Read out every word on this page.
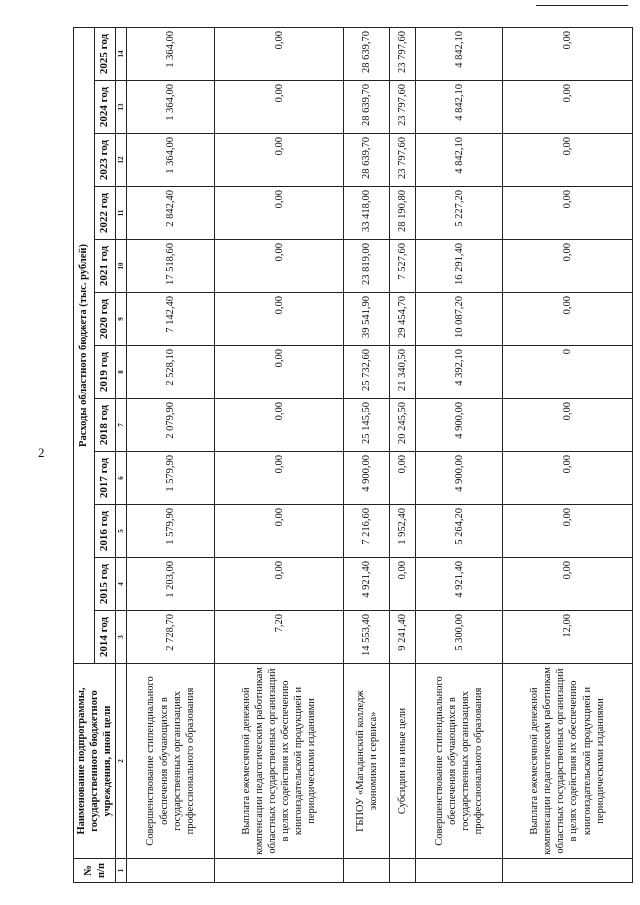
2
№ п/п	Наименование подпрограммы, государственного бюджетного учреждения, иной цели	Расходы областного бюджета (тыс. рублей)											
		2014 год	2015 год	2016 год	2017 год	2018 год	2019 год	2020 год	2021 год	2022 год	2023 год	2024 год	2025 год
1	2	3	4	5	6	7	8	9	10	11	12	13	14
	Совершенствование стипендиального обеспечения обучающихся в государственных организациях профессионального образования	2 728,70	1 203,00	1 579,90	1 579,90	2 079,90	2 528,10	7 142,40	17 518,60	2 842,40	1 364,00	1 364,00	1 364,00
	Выплата ежемесячной денежной компенсации педагогическим работникам областных государственных организаций в целях содействия их обеспечению книгоиздательской продукцией и периодическими изданиями	7,20	0,00	0,00	0,00	0,00	0,00	0,00	0,00	0,00	0,00	0,00	0,00
	ГБПОУ «Магаданский колледж экономики и сервиса»	14 553,40	4 921,40	7 216,60	4 900,00	25 145,50	25 732,60	39 541,90	23 819,00	33 418,00	28 639,70	28 639,70	28 639,70
	Субсидии на иные цели	9 241,40	0,00	1 952,40	0,00	20 245,50	21 340,50	29 454,70	7 527,60	28 190,80	23 797,60	23 797,60	23 797,60
	Совершенствование стипендиального обеспечения обучающихся в государственных организациях профессионального образования	5 300,00	4 921,40	5 264,20	4 900,00	4 900,00	4 392,10	10 087,20	16 291,40	5 227,20	4 842,10	4 842,10	4 842,10
	Выплата ежемесячной денежной компенсации педагогическим работникам областных государственных организаций в целях содействия их обеспечению книгоиздательской продукцией и периодическими изданиями	12,00	0,00	0,00	0,00	0,00	0	0,00	0,00	0,00	0,00	0,00	0,00
